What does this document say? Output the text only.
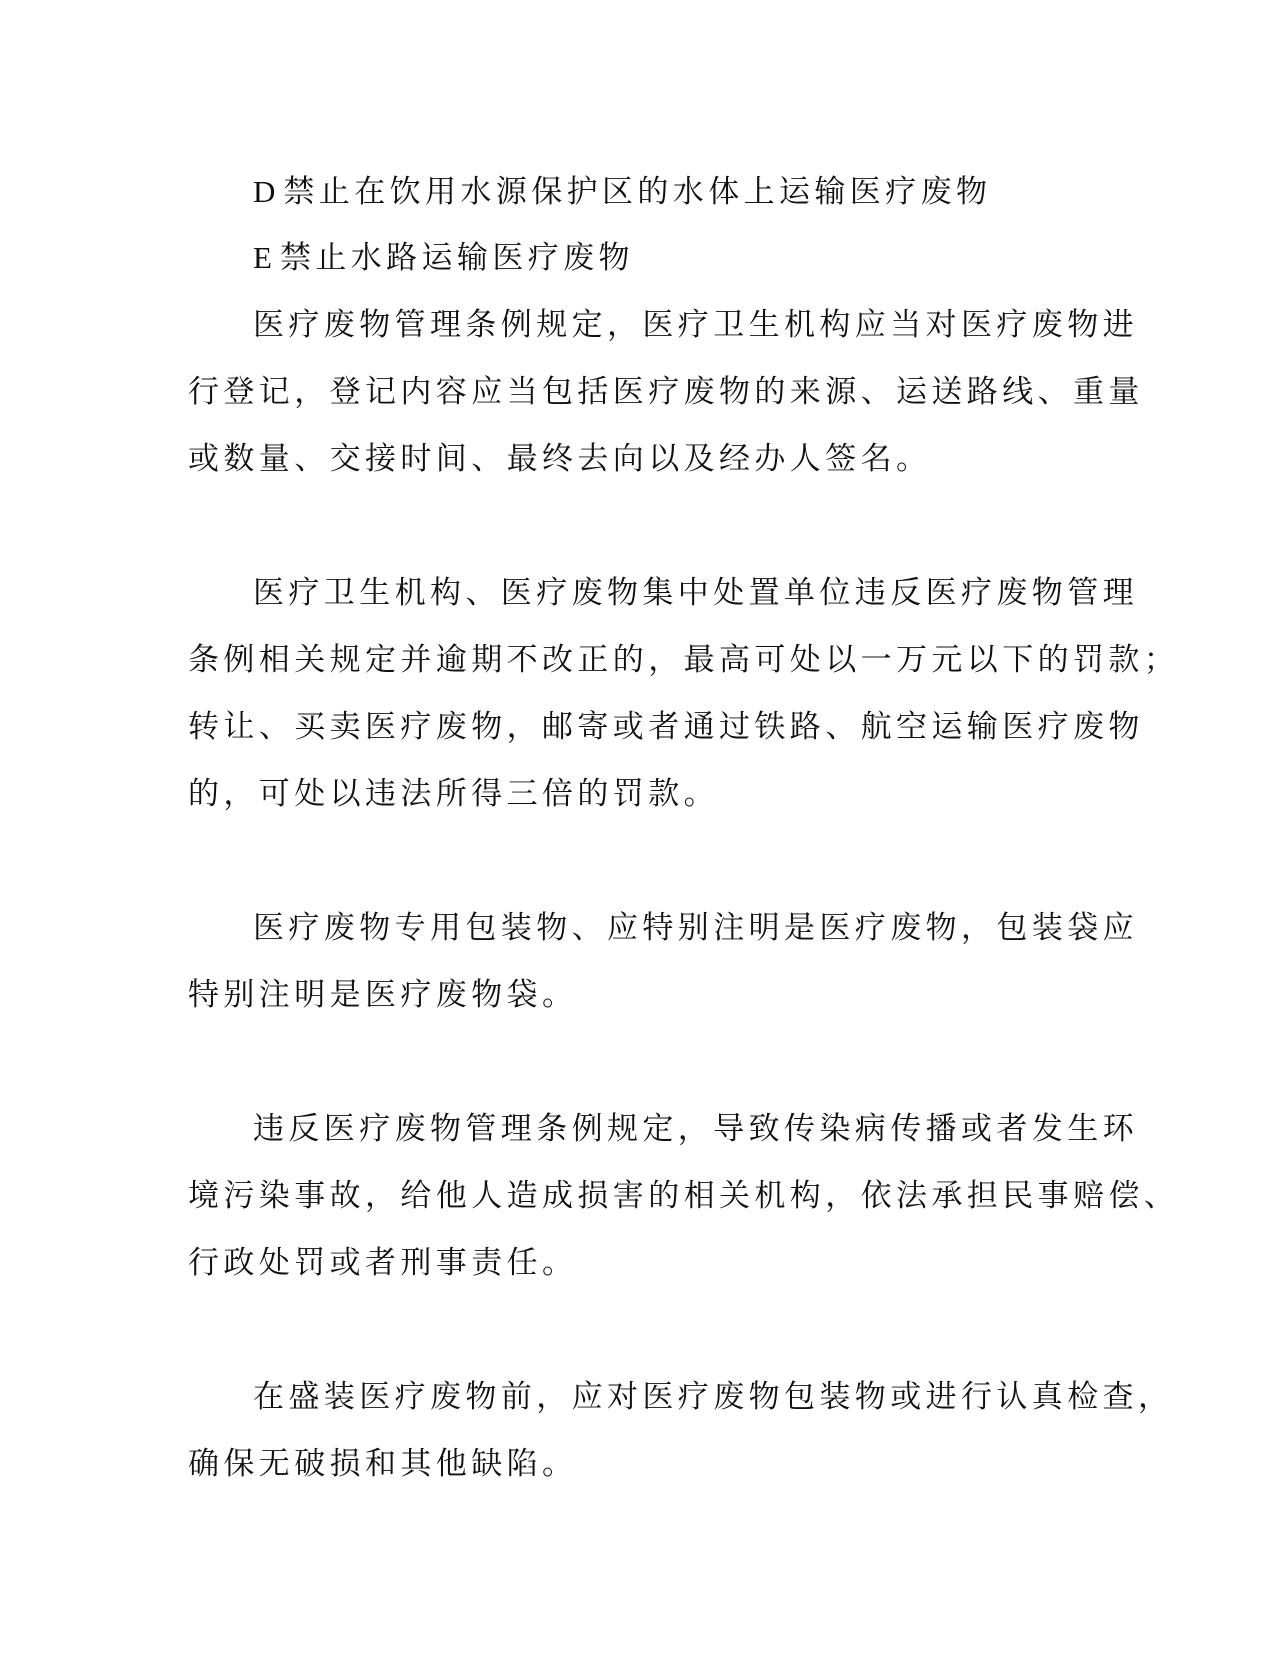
D 禁止在饮用水源保护区的水体上运输医疗废物
E 禁止水路运输医疗废物
医疗废物管理条例规定，医疗卫生机构应当对医疗废物进
行登记，登记内容应当包括医疗废物的来源、运送路线、重量
或数量、交接时间、最终去向以及经办人签名。
医疗卫生机构、医疗废物集中处置单位违反医疗废物管理
条例相关规定并逾期不改正的，最高可处以一万元以下的罚款；
转让、买卖医疗废物，邮寄或者通过铁路、航空运输医疗废物
的，可处以违法所得三倍的罚款。
医疗废物专用包装物、应特别注明是医疗废物，包装袋应
特别注明是医疗废物袋。
违反医疗废物管理条例规定，导致传染病传播或者发生环
境污染事故，给他人造成损害的相关机构，依法承担民事赔偿、
行政处罚或者刑事责任。
在盛装医疗废物前，应对医疗废物包装物或进行认真检查，
确保无破损和其他缺陷。
